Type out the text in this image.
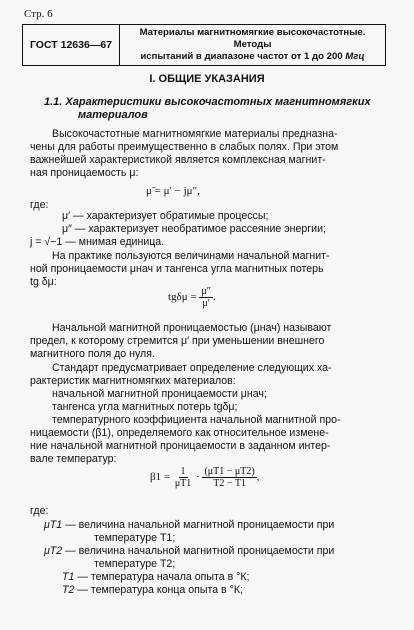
Стр. 6
ГОСТ 12636—67
Материалы магнитномягкие высокочастотные. Методы
испытаний в диапазоне частот от 1 до 200 Мгц
I. ОБЩИЕ УКАЗАНИЯ
1.1. Характеристики высокочастотных магнитномягких
материалов
Высокочастотные магнитномягкие материалы предназна-
чены для работы преимущественно в слабых полях. При этом
важнейшей характеристикой является комплексная магнит-
ная проницаемость μ:
μ̃ = μ′ − jμ″,
где:
μ′ — характеризует обратимые процессы;
μ″ — характеризует необратимое рассеяние энергии;
j = √−1 — мнимая единица.
На практике пользуются величинами начальной магнит-
ной проницаемости μнач и тангенса угла магнитных потерь
tg δμ:
$tg\delta\mu = \frac{\mu''}{\mu'}$ .
Начальной магнитной проницаемостью (μнач) называют
предел, к которому стремится μ′ при уменьшении внешнего
магнитного поля до нуля.
Стандарт предусматривает определение следующих ха-
рактеристик магнитномягких материалов:
начальной магнитной проницаемости μнач;
тангенса угла магнитных потерь tgδμ;
температурного коэффициента начальной магнитной про-
ницаемости (β1), определяемого как относительное измене-
ние начальной магнитной проницаемости в заданном интер-
вале температур:
$\beta 1 = \frac{1}{\mu T1} \cdot \frac{(\mu T1 - \mu T2)}{T2 - T1}$ ,
где:
μT1 — величина начальной магнитной проницаемости при
температуре T1;
μT2 — величина начальной магнитной проницаемости при
температуре T2;
T1 — температура начала опыта в °К;
T2 — температура конца опыта в °К;
